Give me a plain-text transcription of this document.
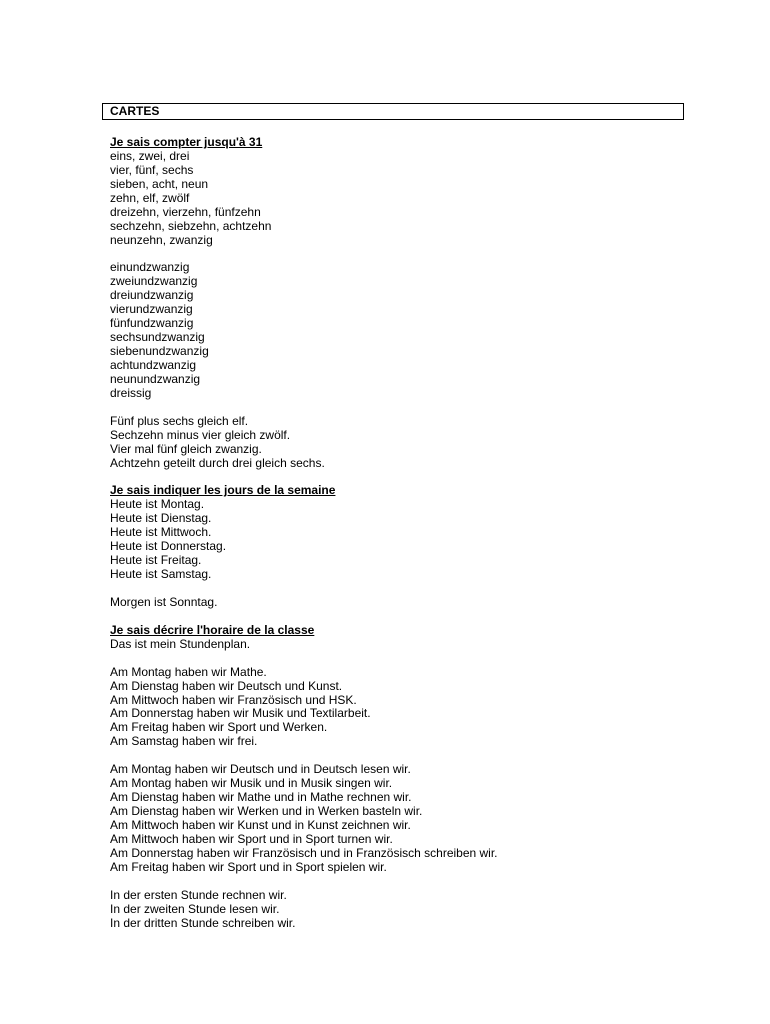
CARTES
Je sais compter jusqu'à 31
eins, zwei, drei
vier, fünf, sechs
sieben, acht, neun
zehn, elf, zwölf
dreizehn, vierzehn, fünfzehn
sechzehn, siebzehn, achtzehn
neunzehn, zwanzig
einundzwanzig
zweiundzwanzig
dreiundzwanzig
vierundzwanzig
fünfundzwanzig
sechsundzwanzig
siebenundzwanzig
achtundzwanzig
neunundzwanzig
dreissig
Fünf plus sechs gleich elf.
Sechzehn minus vier gleich zwölf.
Vier mal fünf gleich zwanzig.
Achtzehn geteilt durch drei gleich sechs.
Je sais indiquer les jours de la semaine
Heute ist Montag.
Heute ist Dienstag.
Heute ist Mittwoch.
Heute ist Donnerstag.
Heute ist Freitag.
Heute ist Samstag.
Morgen ist Sonntag.
Je sais décrire l'horaire de la classe
Das ist mein Stundenplan.
Am Montag haben wir Mathe.
Am Dienstag haben wir Deutsch und Kunst.
Am Mittwoch haben wir Französisch und HSK.
Am Donnerstag haben wir Musik und Textilarbeit.
Am Freitag haben wir Sport und Werken.
Am Samstag haben wir frei.
Am Montag haben wir Deutsch und in Deutsch lesen wir.
Am Montag haben wir Musik und in Musik singen wir.
Am Dienstag haben wir Mathe und in Mathe rechnen wir.
Am Dienstag haben wir Werken und in Werken basteln wir.
Am Mittwoch haben wir Kunst und in Kunst zeichnen wir.
Am Mittwoch haben wir Sport und in Sport turnen wir.
Am Donnerstag haben wir Französisch und in Französisch schreiben wir.
Am Freitag haben wir Sport und in Sport spielen wir.
In der ersten Stunde rechnen wir.
In der zweiten Stunde lesen wir.
In der dritten Stunde schreiben wir.
